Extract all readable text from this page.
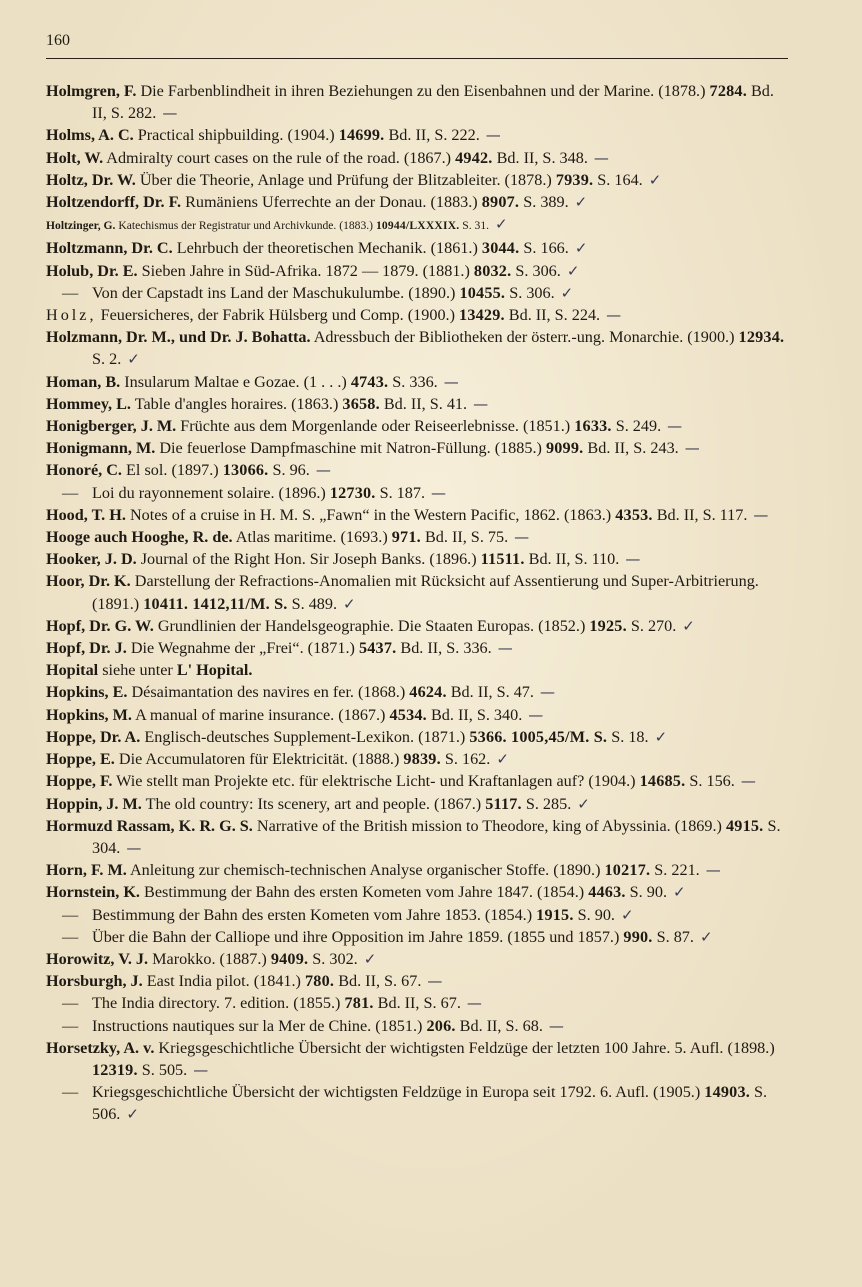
160
Holmgren, F. Die Farbenblindheit in ihren Beziehungen zu den Eisenbahnen und der Marine. (1878.) 7284. Bd. II, S. 282. —
Holms, A. C. Practical shipbuilding. (1904.) 14699. Bd. II, S. 222. —
Holt, W. Admiralty court cases on the rule of the road. (1867.) 4942. Bd. II, S. 348. —
Holtz, Dr. W. Über die Theorie, Anlage und Prüfung der Blitzableiter. (1878.) 7939. S. 164. ✓
Holtzendorff, Dr. F. Rumäniens Uferrechte an der Donau. (1883.) 8907. S. 389. ✓
Holtzinger, G. Katechismus der Registratur und Archivkunde. (1883.) 10944/LXXXIX. S. 31. ✓
Holtzmann, Dr. C. Lehrbuch der theoretischen Mechanik. (1861.) 3044. S. 166. ✓
Holub, Dr. E. Sieben Jahre in Süd-Afrika. 1872 — 1879. (1881.) 8032. S. 306. ✓
— Von der Capstadt ins Land der Maschukulumbe. (1890.) 10455. S. 306. ✓
Holz, Feuersicheres, der Fabrik Hülsberg und Comp. (1900.) 13429. Bd. II, S. 224. —
Holzmann, Dr. M., und Dr. J. Bohatta. Adressbuch der Bibliotheken der österr.-ung. Monarchie. (1900.) 12934. S. 2. ✓
Homan, B. Insularum Maltae e Gozae. (1 . . .) 4743. S. 336. —
Hommey, L. Table d'angles horaires. (1863.) 3658. Bd. II, S. 41. —
Honigberger, J. M. Früchte aus dem Morgenlande oder Reiseerlebnisse. (1851.) 1633. S. 249. —
Honigmann, M. Die feuerlose Dampfmaschine mit Natron-Füllung. (1885.) 9099. Bd. II, S. 243. —
Honoré, C. El sol. (1897.) 13066. S. 96. —
— Loi du rayonnement solaire. (1896.) 12730. S. 187. —
Hood, T. H. Notes of a cruise in H. M. S. „Fawn“ in the Western Pacific, 1862. (1863.) 4353. Bd. II, S. 117. —
Hooge auch Hooghe, R. de. Atlas maritime. (1693.) 971. Bd. II, S. 75. —
Hooker, J. D. Journal of the Right Hon. Sir Joseph Banks. (1896.) 11511. Bd. II, S. 110. —
Hoor, Dr. K. Darstellung der Refractions-Anomalien mit Rücksicht auf Assentierung und Super-Arbitrierung. (1891.) 10411. 1412,11/M. S. S. 489. ✓
Hopf, Dr. G. W. Grundlinien der Handelsgeographie. Die Staaten Europas. (1852.) 1925. S. 270. ✓
Hopf, Dr. J. Die Wegnahme der „Frei“. (1871.) 5437. Bd. II, S. 336. —
Hopital siehe unter L' Hopital.
Hopkins, E. Désaimantation des navires en fer. (1868.) 4624. Bd. II, S. 47. —
Hopkins, M. A manual of marine insurance. (1867.) 4534. Bd. II, S. 340. —
Hoppe, Dr. A. Englisch-deutsches Supplement-Lexikon. (1871.) 5366. 1005,45/M. S. S. 18. ✓
Hoppe, E. Die Accumulatoren für Elektricität. (1888.) 9839. S. 162. ✓
Hoppe, F. Wie stellt man Projekte etc. für elektrische Licht- und Kraftanlagen auf? (1904.) 14685. S. 156. —
Hoppin, J. M. The old country: Its scenery, art and people. (1867.) 5117. S. 285. ✓
Hormuzd Rassam, K. R. G. S. Narrative of the British mission to Theodore, king of Abyssinia. (1869.) 4915. S. 304. —
Horn, F. M. Anleitung zur chemisch-technischen Analyse organischer Stoffe. (1890.) 10217. S. 221. —
Hornstein, K. Bestimmung der Bahn des ersten Kometen vom Jahre 1847. (1854.) 4463. S. 90. ✓
— Bestimmung der Bahn des ersten Kometen vom Jahre 1853. (1854.) 1915. S. 90. ✓
— Über die Bahn der Calliope und ihre Opposition im Jahre 1859. (1855 und 1857.) 990. S. 87. ✓
Horowitz, V. J. Marokko. (1887.) 9409. S. 302. ✓
Horsburgh, J. East India pilot. (1841.) 780. Bd. II, S. 67. —
— The India directory. 7. edition. (1855.) 781. Bd. II, S. 67. —
— Instructions nautiques sur la Mer de Chine. (1851.) 206. Bd. II, S. 68. —
Horsetzky, A. v. Kriegsgeschichtliche Übersicht der wichtigsten Feldzüge der letzten 100 Jahre. 5. Aufl. (1898.) 12319. S. 505. —
— Kriegsgeschichtliche Übersicht der wichtigsten Feldzüge in Europa seit 1792. 6. Aufl. (1905.) 14903. S. 506. ✓
